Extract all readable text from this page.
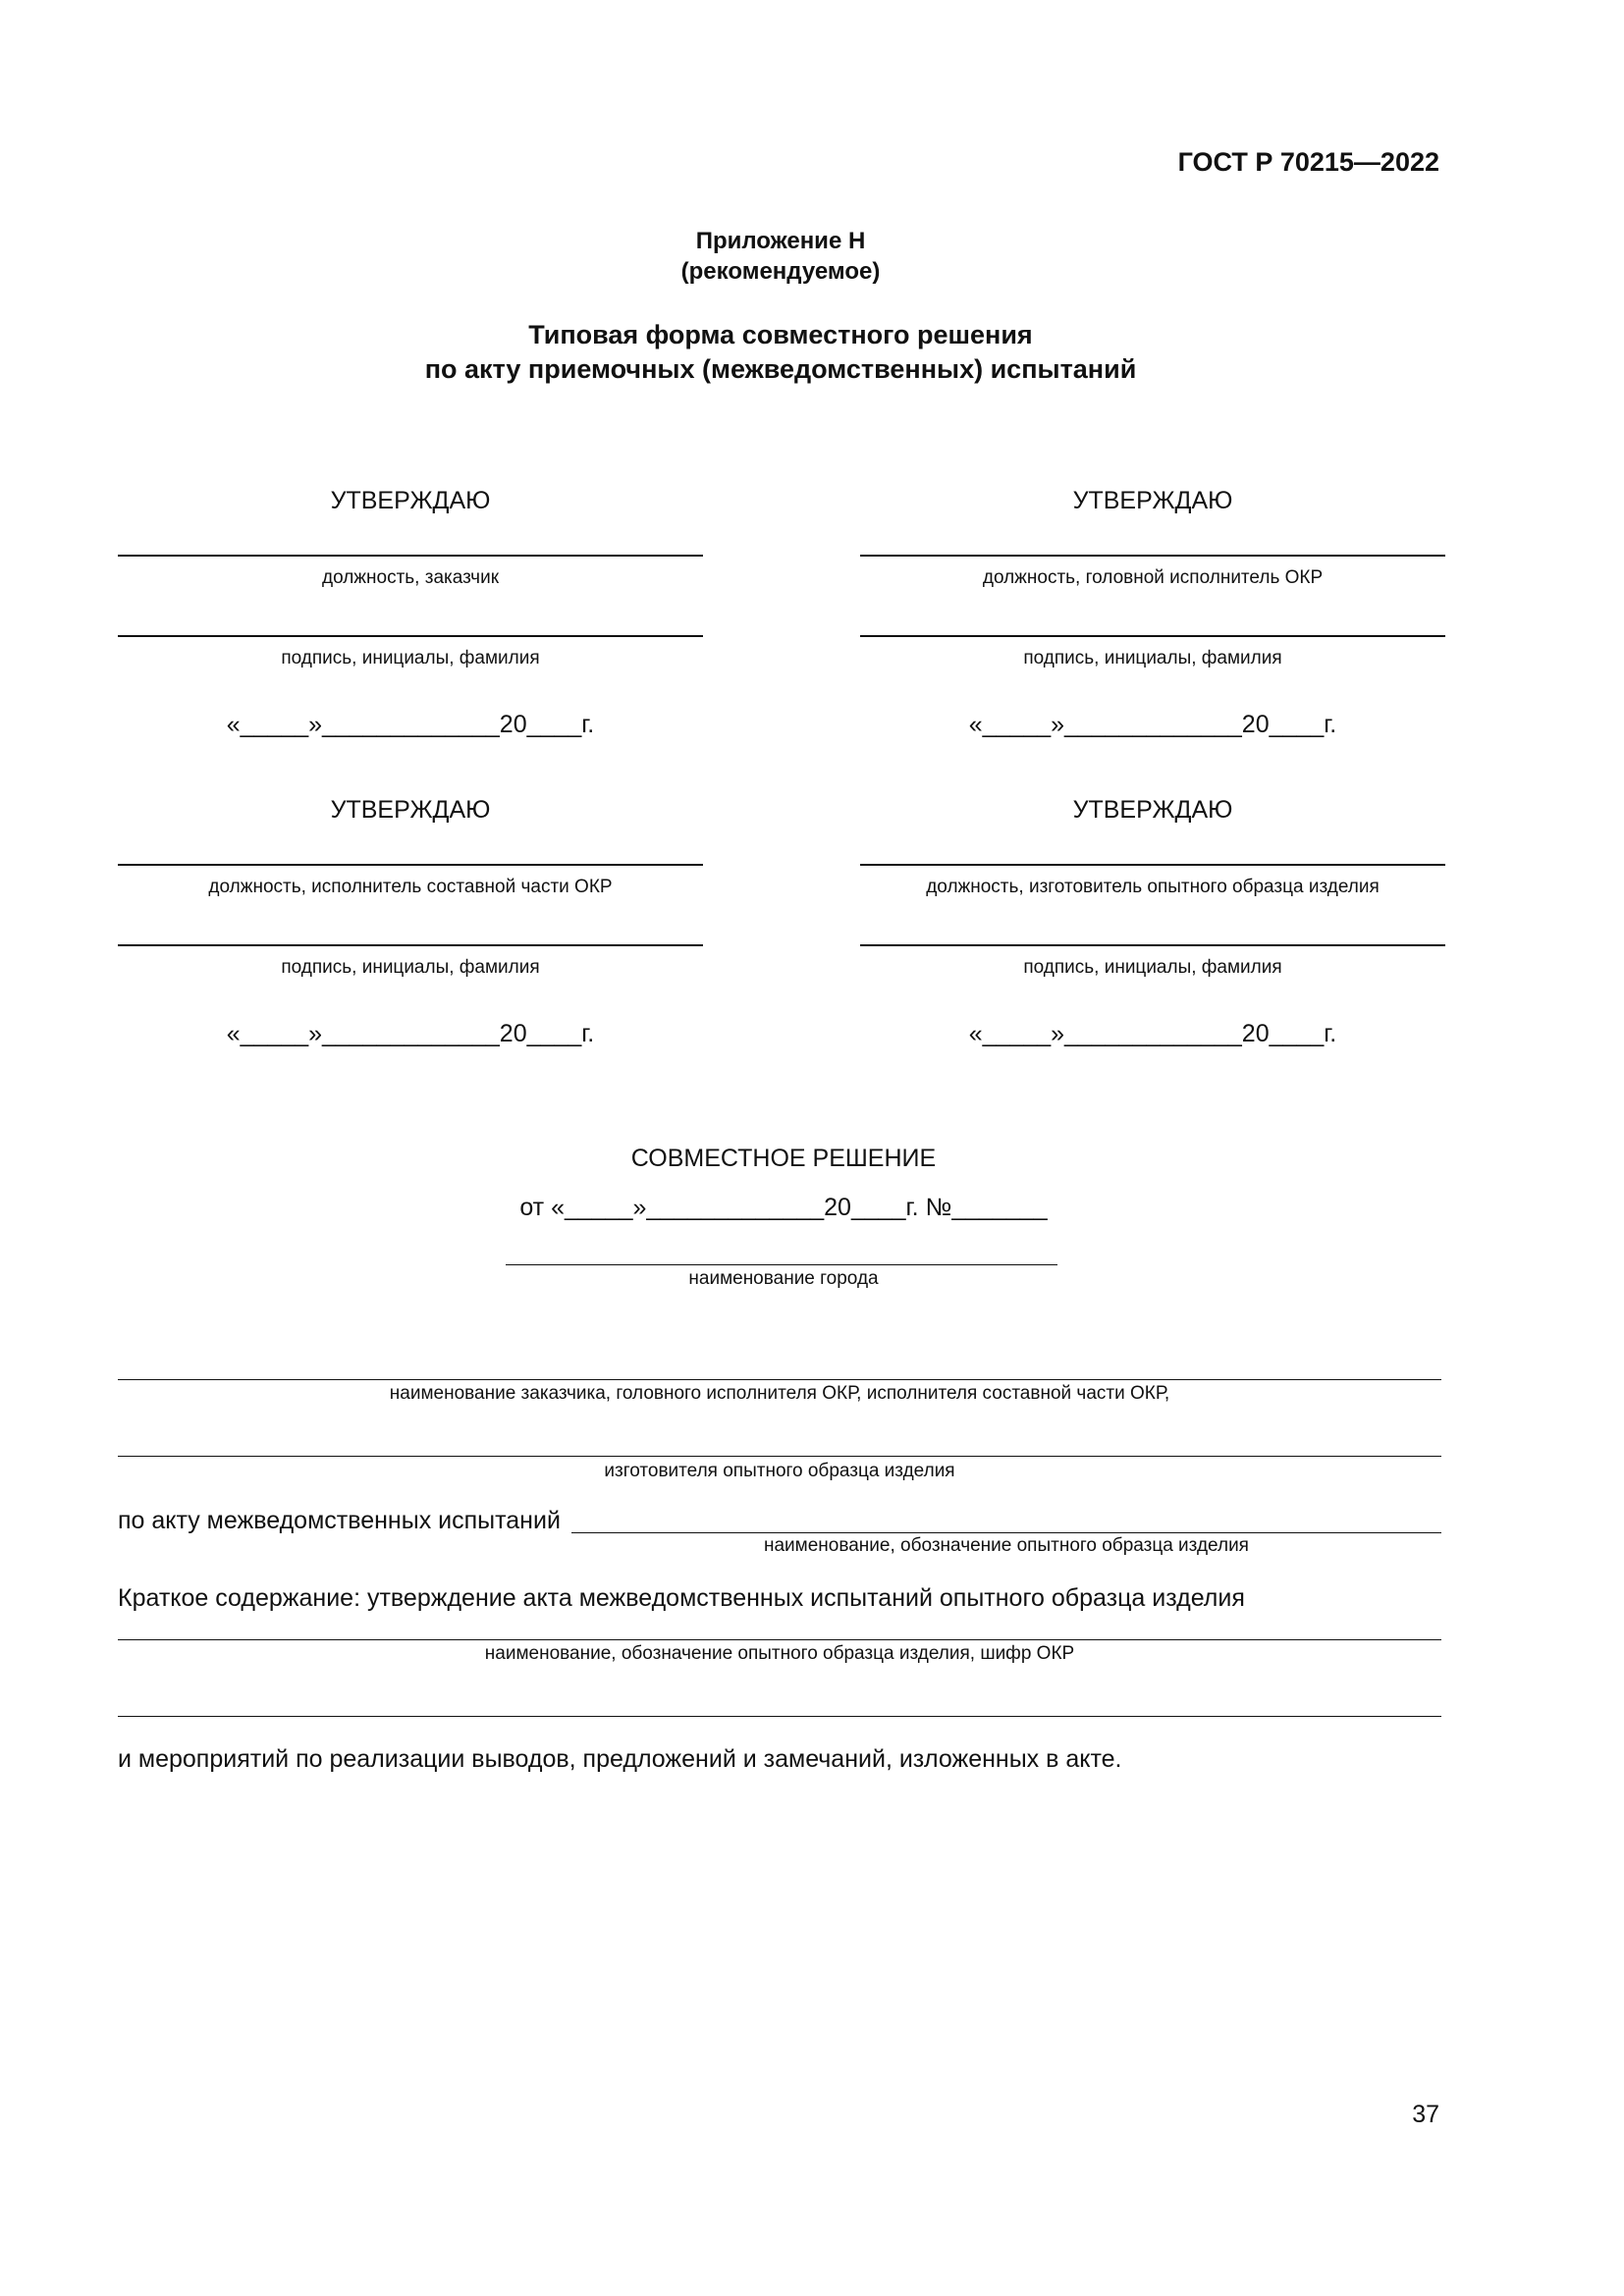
ГОСТ Р 70215—2022
Приложение Н
(рекомендуемое)
Типовая форма совместного решения
по акту приемочных (межведомственных) испытаний
УТВЕРЖДАЮ
должность, заказчик
подпись, инициалы, фамилия
«_____»_____________20____г.
УТВЕРЖДАЮ
должность, головной исполнитель ОКР
подпись, инициалы, фамилия
«_____»_____________20____г.
УТВЕРЖДАЮ
должность, исполнитель составной части ОКР
подпись, инициалы, фамилия
«_____»_____________20____г.
УТВЕРЖДАЮ
должность, изготовитель опытного образца изделия
подпись, инициалы, фамилия
«_____»_____________20____г.
СОВМЕСТНОЕ РЕШЕНИЕ
от «_____»_____________20____г. №_______
наименование города
наименование заказчика, головного исполнителя ОКР, исполнителя составной части ОКР,
изготовителя опытного образца изделия
по акту межведомственных испытаний
наименование, обозначение опытного образца изделия
Краткое содержание: утверждение акта межведомственных испытаний опытного образца изделия
наименование, обозначение опытного образца изделия, шифр ОКР
и мероприятий по реализации выводов, предложений и замечаний, изложенных в акте.
37
